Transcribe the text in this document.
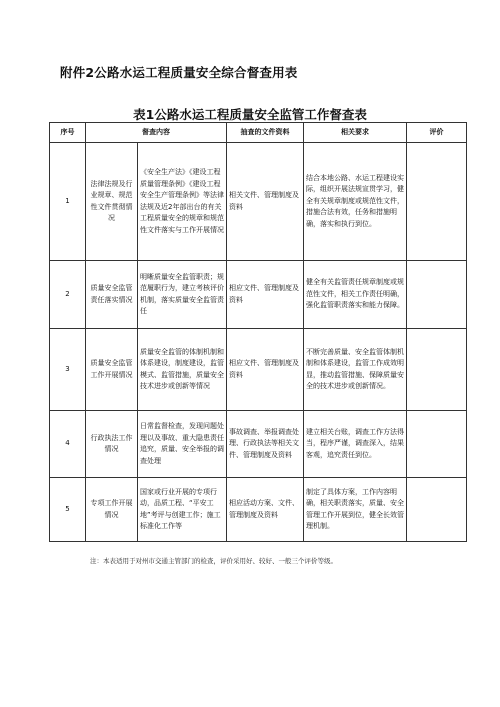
附件2公路水运工程质量安全综合督查用表
表1公路水运工程质量安全监管工作督查表
序号	督查内容		抽查的文件资料	相关要求	评价
1	法律法规及行业规章、规范性文件贯彻情况	《安全生产法》《建设工程质量管理条例》《建设工程安全生产管理条例》等法律法规及近2年部出台的有关工程质量安全的规章和规范性文件落实与工作开展情况	相关文件、管理制度及资料	结合本地公路、水运工程建设实际，组织开展法规宣贯学习，健全有关规章制度或规范性文件，措施合法有效，任务和措施明确，落实和执行到位。	
2	质量安全监管责任落实情况	明晰质量安全监管职责；规范履职行为，建立考核评价机制，落实质量安全监管责任	相应文件、管理制度及资料	健全有关监管责任规章制度或规范性文件，相关工作责任明确，强化监管职责落实和能力保障。	
3	质量安全监管工作开展情况	质量安全监管的体制机制和体系建设，制度建设，监管模式、监管措施，质量安全技术进步或创新等情况	相应文件、管理制度及资料	不断完善质量、安全监管体制机制和体系建设，监管工作成效明显，推动监管措施、保障质量安全的技术进步或创新情况。	
4	行政执法工作情况	日常监督检查，发现问题处理以及事故、重大隐患责任追究，质量、安全举报的调查处理	事故调查、举报调查处理、行政执法等相关文件、管理制度及资料	建立相关台账，调查工作方法得当，程序严谨，调查深入，结果客观，追究责任到位。	
5	专项工作开展情况	国家或行业开展的专项行动，品质工程、“平安工地”考评与创建工作；施工标准化工作等	相应活动方案、文件、管理制度及资料	制定了具体方案，工作内容明确，相关职责落实，质量、安全管理工作开展到位，健全长效管理机制。	
注：本表适用于对州市交通主管部门的检查，评价采用好、较好、一般三个评价等级。
